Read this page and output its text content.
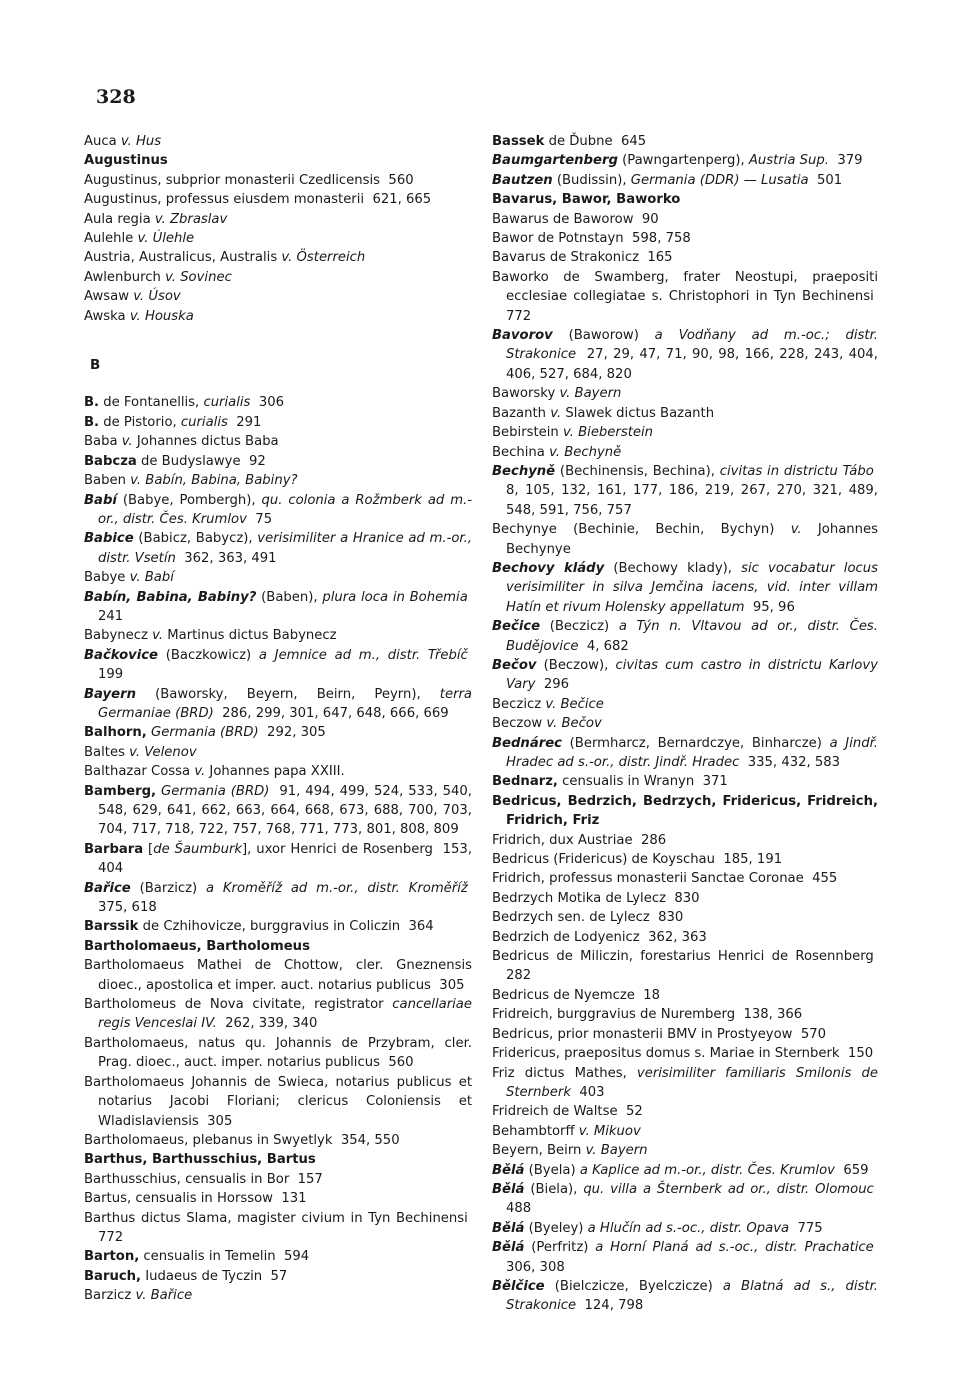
328
Auca v. Hus
Augustinus
Augustinus, subprior monasterii Czedlicensis  560
Augustinus, professus eiusdem monasterii  621, 665
Aula regia v. Zbraslav
Aulehle v. Úlehle
Austria, Australicus, Australis v. Österreich
Awlenburch v. Sovinec
Awsaw v. Úsov
Awska v. Houska
B
B. de Fontanellis, curialis  306
B. de Pistorio, curialis  291
Baba v. Johannes dictus Baba
Babcza de Budyslawye  92
Baben v. Babín, Babina, Babiny?
Babí (Babye, Pombergh), qu. colonia a Rožmberk ad m.-or., distr. Čes. Krumlov  75
Babice (Babicz, Babycz), verisimiliter a Hranice ad m.-or., distr. Vsetín  362, 363, 491
Babye v. Babí
Babín, Babina, Babiny? (Baben), plura loca in Bohemia  241
Babynecz v. Martinus dictus Babynecz
Bačkovice (Baczkowicz) a Jemnice ad m., distr. Třebíč  199
Bayern (Baworsky, Beyern, Beirn, Peyrn), terra Germaniae (BRD)  286, 299, 301, 647, 648, 666, 669
Balhorn, Germania (BRD)  292, 305
Baltes v. Velenov
Balthazar Cossa v. Johannes papa XXIII.
Bamberg, Germania (BRD)  91, 494, 499, 524, 533, 540, 548, 629, 641, 662, 663, 664, 668, 673, 688, 700, 703, 704, 717, 718, 722, 757, 768, 771, 773, 801, 808, 809
Barbara [de Šaumburk], uxor Henrici de Rosenberg  153, 404
Bařice (Barzicz) a Kroměříž ad m.-or., distr. Kroměříž  375, 618
Barssik de Czhihovicze, burggravius in Coliczin  364
Bartholomaeus, Bartholomeus
Bartholomaeus Mathei de Chottow, cler. Gneznensis dioec., apostolica et imper. auct. notarius publicus  305
Bartholomeus de Nova civitate, registrator cancellariae regis Venceslai IV.  262, 339, 340
Bartholomaeus, natus qu. Johannis de Przybram, cler. Prag. dioec., auct. imper. notarius publicus  560
Bartholomaeus Johannis de Swieca, notarius publicus et notarius Jacobi Floriani; clericus Coloniensis et Wladislaviensis  305
Bartholomaeus, plebanus in Swyetlyk  354, 550
Barthus, Barthusschius, Bartus
Barthusschius, censualis in Bor  157
Bartus, censualis in Horssow  131
Barthus dictus Slama, magister civium in Tyn Bechinensi  772
Barton, censualis in Temelin  594
Baruch, Iudaeus de Tyczin  57
Barzicz v. Bařice
Bassek de Ďubne  645
Baumgartenberg (Pawngartenperg), Austria Sup.  379
Bautzen (Budissin), Germania (DDR) — Lusatia  501
Bavarus, Bawor, Baworko
Bawarus de Baworow  90
Bawor de Potnstayn  598, 758
Bavarus de Strakonicz  165
Baworko de Swamberg, frater Neostupi, praepositi ecclesiae collegiatae s. Christophori in Tyn Bechinensi  772
Bavorov (Baworow) a Vodňany ad m.-oc.; distr. Strakonice  27, 29, 47, 71, 90, 98, 166, 228, 243, 404, 406, 527, 684, 820
Baworsky v. Bayern
Bazanth v. Slawek dictus Bazanth
Bebirstein v. Bieberstein
Bechina v. Bechyně
Bechyně (Bechinensis, Bechina), civitas in districtu Tábo  8, 105, 132, 161, 177, 186, 219, 267, 270, 321, 489, 548, 591, 756, 757
Bechynye (Bechinie, Bechin, Bychyn) v. Johannes Bechynye
Bechovy klády (Bechowy klady), sic vocabatur locus verisimiliter in silva Jemčina iacens, vid. inter villam Hatín et rivum Holensky appellatum  95, 96
Bečice (Beczicz) a Týn n. Vltavou ad or., distr. Čes. Budějovice  4, 682
Bečov (Beczow), civitas cum castro in districtu Karlovy Vary  296
Beczicz v. Bečice
Beczow v. Bečov
Bednárec (Bermharcz, Bernardczye, Binharcze) a Jindř. Hradec ad s.-or., distr. Jindř. Hradec  335, 432, 583
Bednarz, censualis in Wranyn  371
Bedricus, Bedrzich, Bedrzych, Fridericus, Fridreich, Fridrich, Friz
Fridrich, dux Austriae  286
Bedricus (Fridericus) de Koyschau  185, 191
Fridrich, professus monasterii Sanctae Coronae  455
Bedrzych Motika de Lylecz  830
Bedrzych sen. de Lylecz  830
Bedrzich de Lodyenicz  362, 363
Bedricus de Miliczin, forestarius Henrici de Rosennberg  282
Bedricus de Nyemcze  18
Fridreich, burggravius de Nuremberg  138, 366
Bedricus, prior monasterii BMV in Prostyeyow  570
Fridericus, praepositus domus s. Mariae in Sternberk  150
Friz dictus Mathes, verisimiliter familiaris Smilonis de Sternberk  403
Fridreich de Waltse  52
Behambtorff v. Mikuov
Beyern, Beirn v. Bayern
Bělá (Byela) a Kaplice ad m.-or., distr. Čes. Krumlov  659
Bělá (Biela), qu. villa a Šternberk ad or., distr. Olomouc  488
Bělá (Byeley) a Hlučín ad s.-oc., distr. Opava  775
Bělá (Perfritz) a Horní Planá ad s.-oc., distr. Prachatice  306, 308
Bělčice (Bielczicze, Byelczicze) a Blatná ad s., distr. Strakonice  124, 798
